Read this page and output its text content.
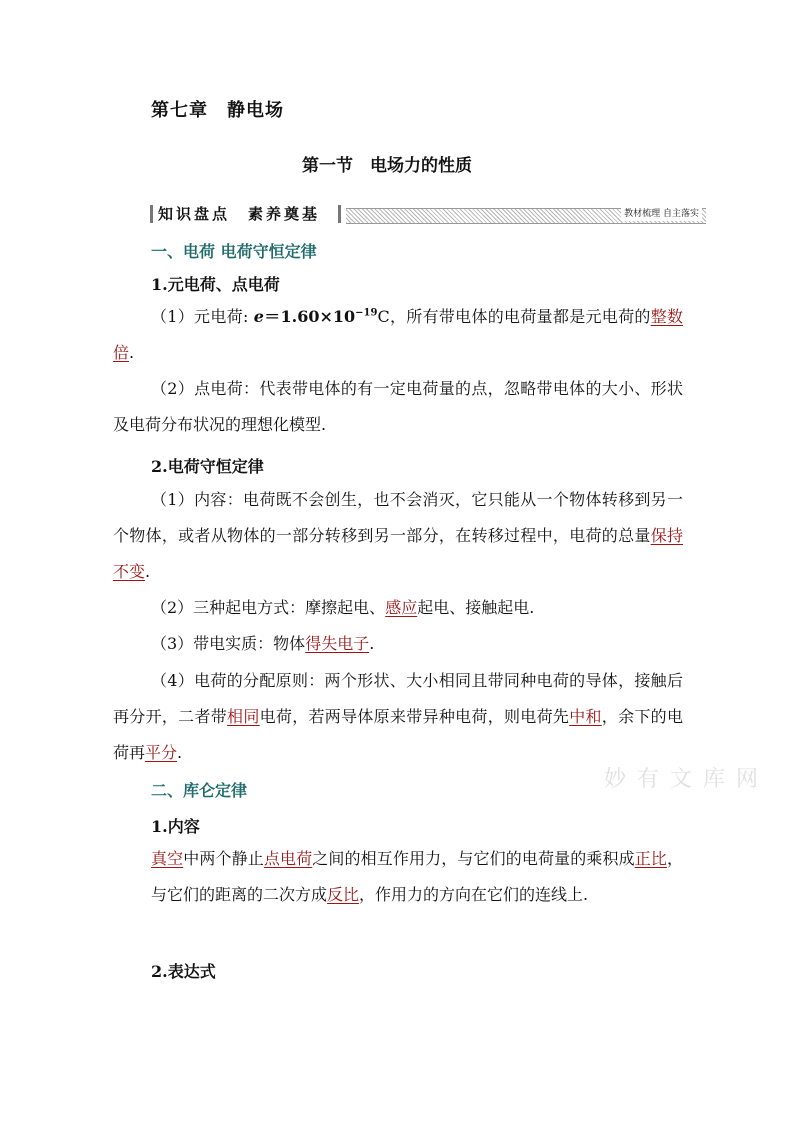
第七章　静电场
第一节　电场力的性质
知识盘点　素养奠基	教材梳理 自主落实
一、电荷 电荷守恒定律
1.元电荷、点电荷
（1）元电荷: $e=1.60\times 10^{-19}C$，所有带电体的电荷量都是元电荷的整数倍.
（2）点电荷：代表带电体的有一定电荷量的点，忽略带电体的大小、形状及电荷分布状况的理想化模型.
2.电荷守恒定律
（1）内容：电荷既不会创生，也不会消灭，它只能从一个物体转移到另一个物体，或者从物体的一部分转移到另一部分，在转移过程中，电荷的总量保持不变.
（2）三种起电方式：摩擦起电、感应起电、接触起电.
（3）带电实质：物体得失电子.
（4）电荷的分配原则：两个形状、大小相同且带同种电荷的导体，接触后再分开，二者带相同电荷，若两导体原来带异种电荷，则电荷先中和，余下的电荷再平分.
妙 有 文 库 网
二、库仑定律
1.内容
真空中两个静止点电荷之间的相互作用力，与它们的电荷量的乘积成正比，与它们的距离的二次方成反比，作用力的方向在它们的连线上.
2.表达式
